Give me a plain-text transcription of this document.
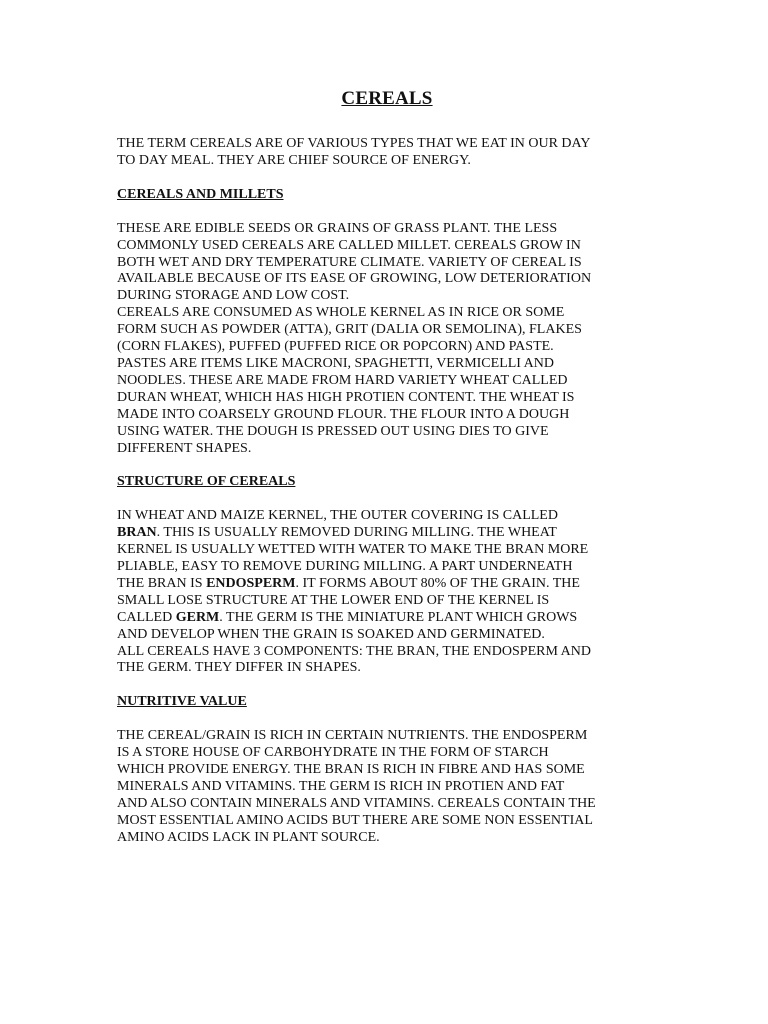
CEREALS
THE TERM CEREALS ARE OF VARIOUS TYPES THAT WE EAT IN OUR DAY
TO DAY MEAL. THEY ARE CHIEF SOURCE OF ENERGY.
CEREALS AND MILLETS
THESE ARE EDIBLE SEEDS OR GRAINS OF GRASS PLANT. THE LESS
COMMONLY USED CEREALS ARE CALLED MILLET. CEREALS GROW IN
BOTH WET AND DRY TEMPERATURE CLIMATE. VARIETY OF CEREAL IS
AVAILABLE BECAUSE OF ITS EASE OF GROWING, LOW DETERIORATION
DURING STORAGE AND LOW COST.
CEREALS ARE CONSUMED AS WHOLE KERNEL AS IN RICE OR SOME
FORM SUCH AS POWDER (ATTA), GRIT (DALIA OR SEMOLINA), FLAKES
(CORN FLAKES), PUFFED (PUFFED RICE OR POPCORN) AND PASTE.
PASTES ARE ITEMS LIKE MACRONI, SPAGHETTI, VERMICELLI AND
NOODLES. THESE ARE MADE FROM HARD VARIETY WHEAT CALLED
DURAN WHEAT, WHICH HAS HIGH PROTIEN CONTENT. THE WHEAT IS
MADE INTO COARSELY GROUND FLOUR. THE FLOUR INTO A DOUGH
USING WATER. THE DOUGH IS PRESSED OUT USING DIES TO GIVE
DIFFERENT SHAPES.
STRUCTURE OF CEREALS
IN WHEAT AND MAIZE KERNEL, THE OUTER COVERING IS CALLED
BRAN. THIS IS USUALLY REMOVED DURING MILLING. THE WHEAT
KERNEL IS USUALLY WETTED WITH WATER TO MAKE THE BRAN MORE
PLIABLE, EASY TO REMOVE DURING MILLING. A PART UNDERNEATH
THE BRAN IS ENDOSPERM. IT FORMS ABOUT 80% OF THE GRAIN. THE
SMALL LOSE STRUCTURE AT THE LOWER END OF THE KERNEL IS
CALLED GERM. THE GERM IS THE MINIATURE PLANT WHICH GROWS
AND DEVELOP WHEN THE GRAIN IS SOAKED AND GERMINATED.
ALL CEREALS HAVE 3 COMPONENTS: THE BRAN, THE ENDOSPERM AND
THE GERM. THEY DIFFER IN SHAPES.
NUTRITIVE VALUE
THE CEREAL/GRAIN IS RICH IN CERTAIN NUTRIENTS. THE ENDOSPERM
IS A STORE HOUSE OF CARBOHYDRATE IN THE FORM OF STARCH
WHICH PROVIDE ENERGY. THE BRAN IS RICH IN FIBRE AND HAS SOME
MINERALS AND VITAMINS. THE GERM IS RICH IN PROTIEN AND FAT
AND ALSO CONTAIN MINERALS AND VITAMINS. CEREALS CONTAIN THE
MOST ESSENTIAL AMINO ACIDS BUT THERE ARE SOME NON ESSENTIAL
AMINO ACIDS LACK IN PLANT SOURCE.
